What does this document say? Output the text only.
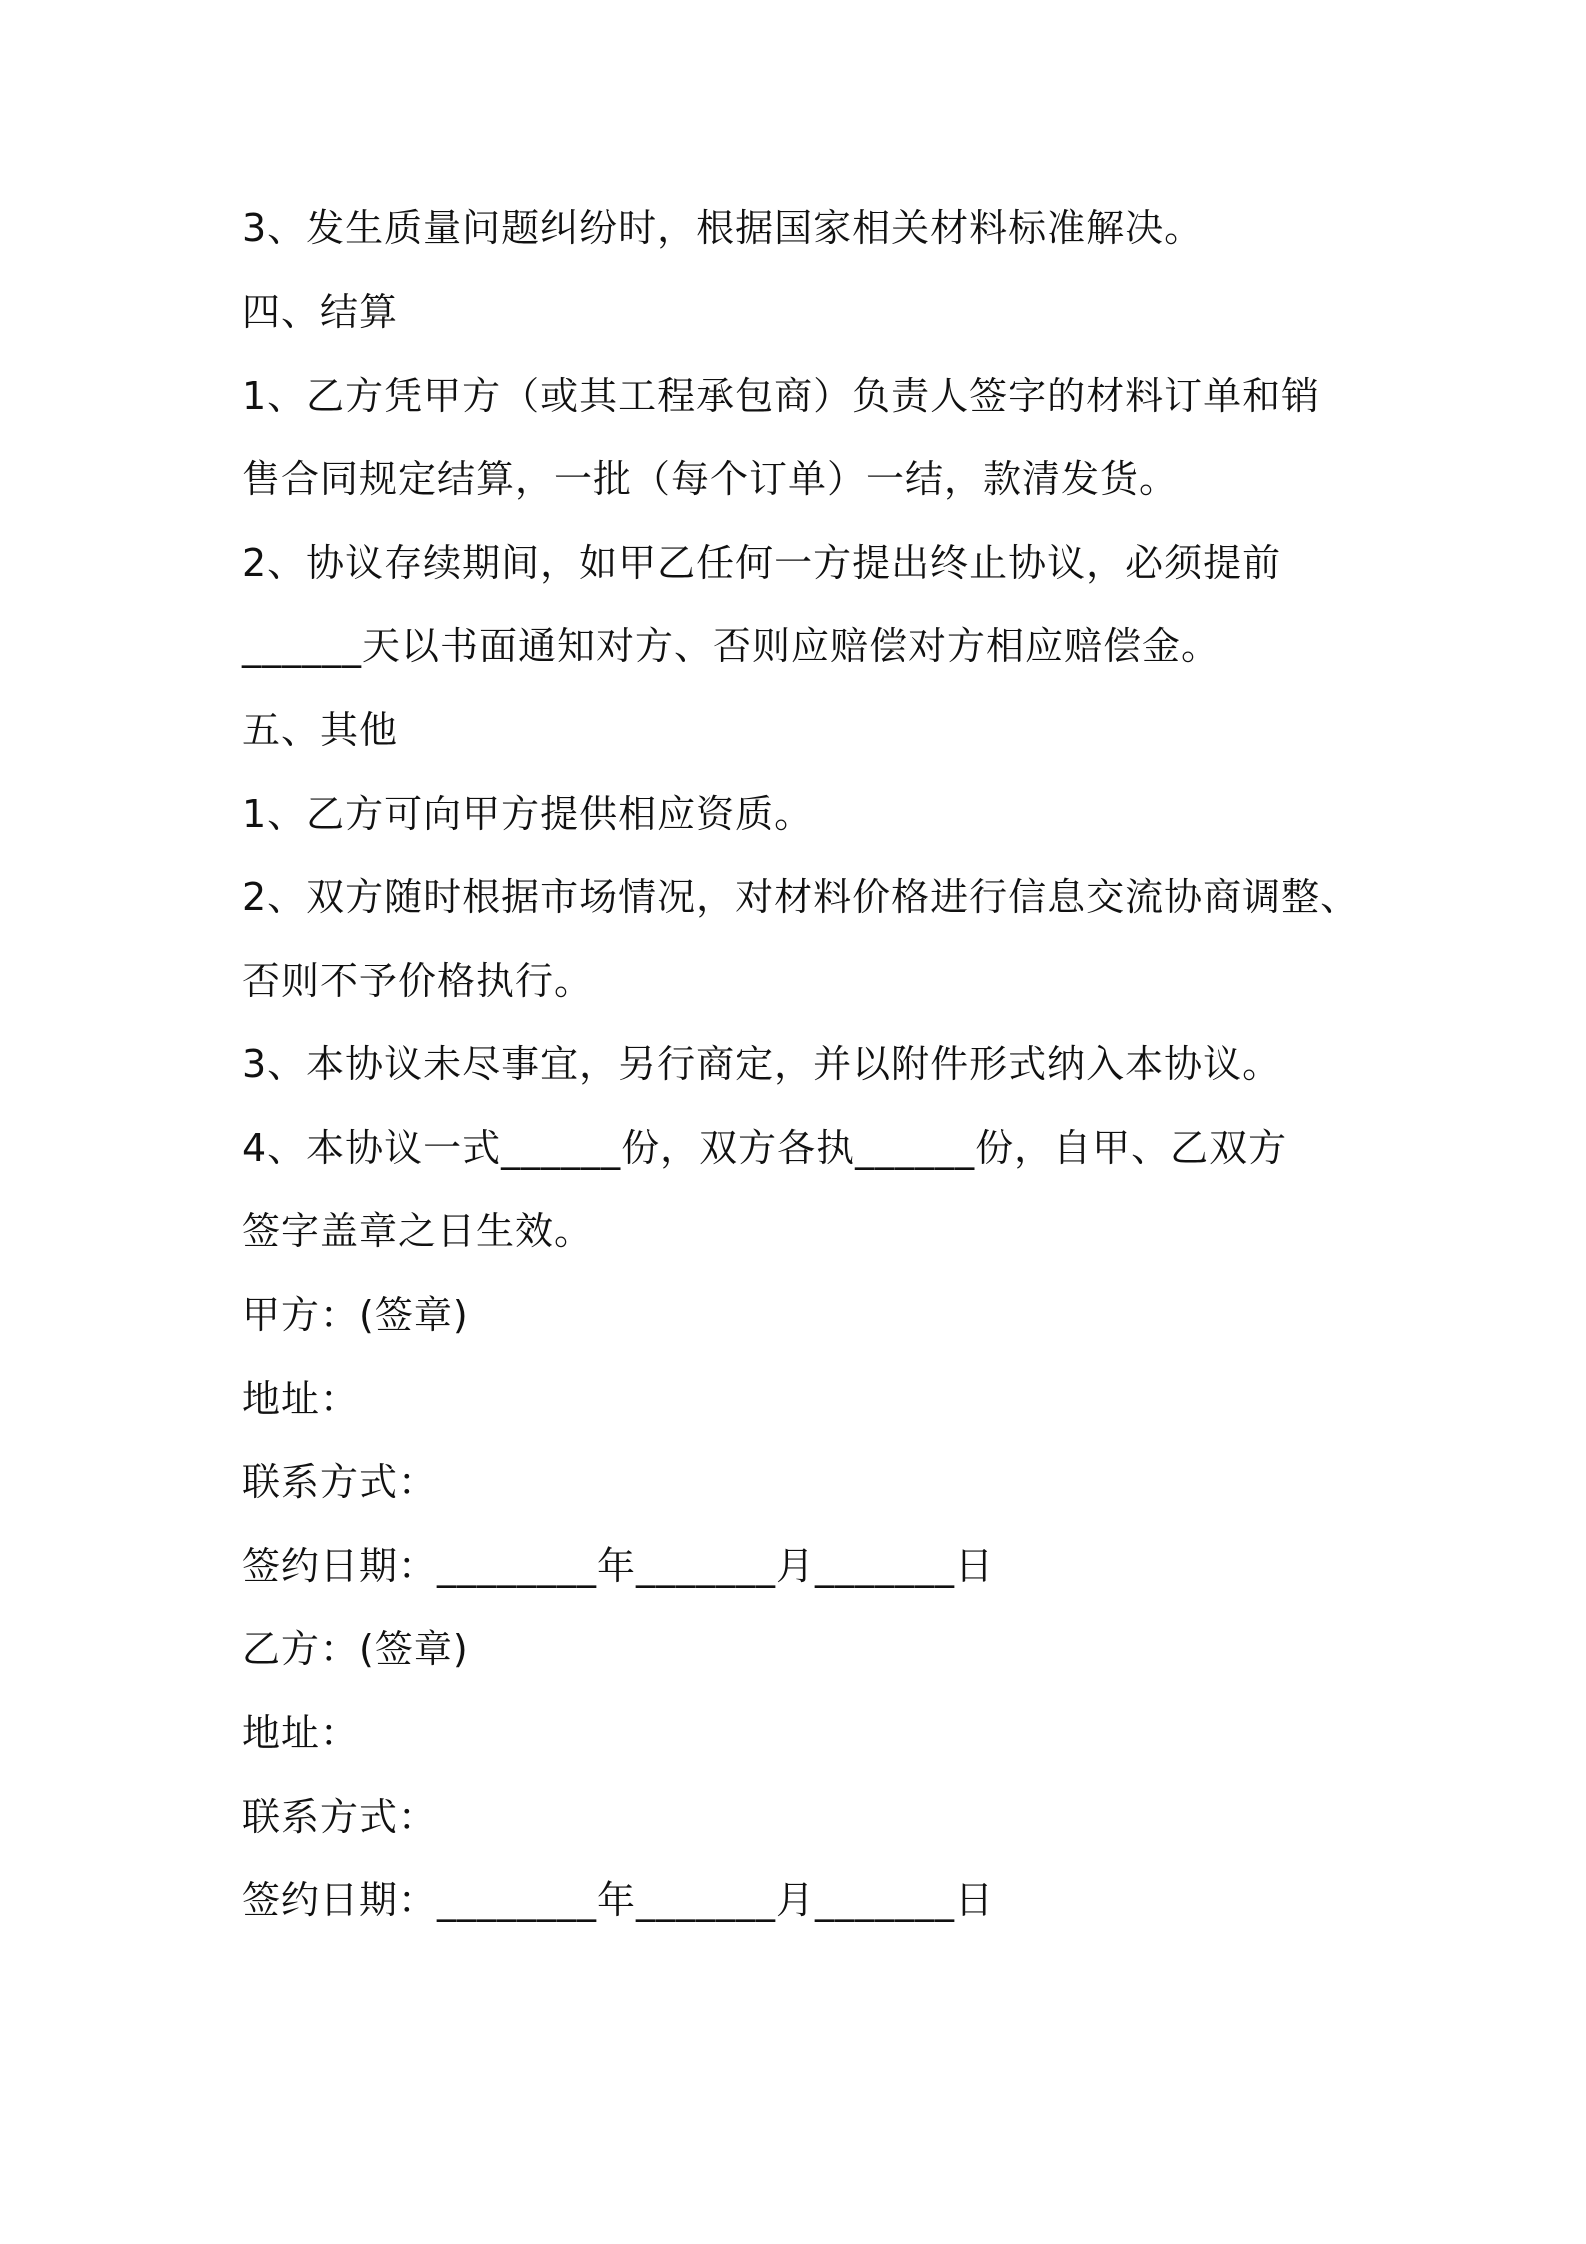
3、发生质量问题纠纷时，根据国家相关材料标准解决。
四、结算
1、乙方凭甲方（或其工程承包商）负责人签字的材料订单和销
售合同规定结算，一批（每个订单）一结，款清发货。
2、协议存续期间，如甲乙任何一方提出终止协议，必须提前
______天以书面通知对方、否则应赔偿对方相应赔偿金。
五、其他
1、乙方可向甲方提供相应资质。
2、双方随时根据市场情况，对材料价格进行信息交流协商调整、
否则不予价格执行。
3、本协议未尽事宜，另行商定，并以附件形式纳入本协议。
4、本协议一式______份，双方各执______份，自甲、乙双方
签字盖章之日生效。
甲方：(签章)
地址：
联系方式：
签约日期：________年_______月_______日
乙方：(签章)
地址：
联系方式：
签约日期：________年_______月_______日
